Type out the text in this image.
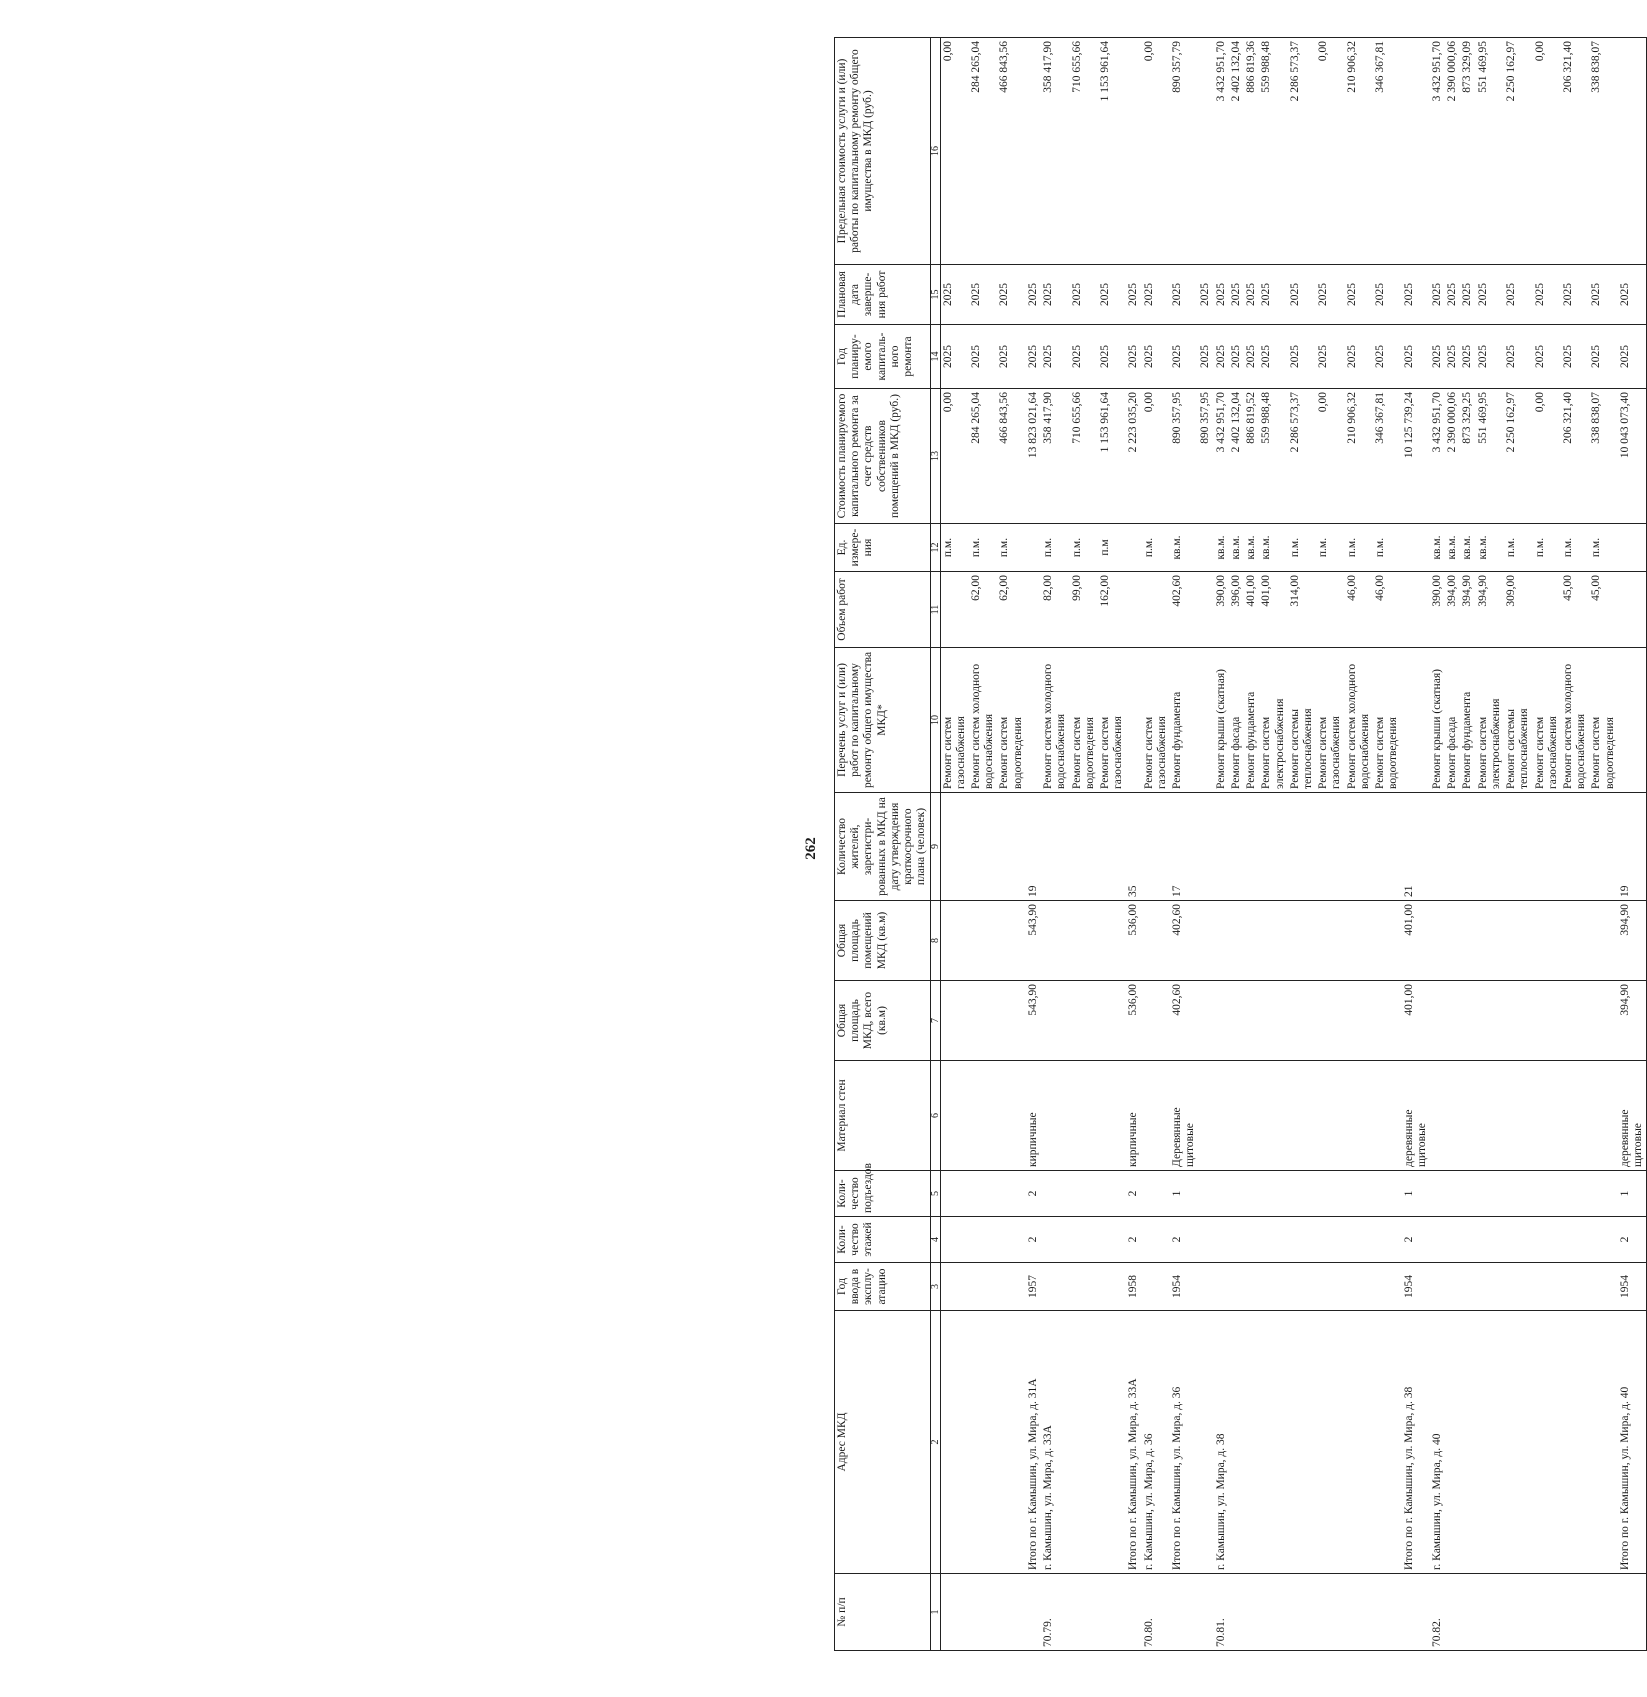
262
№ п/п	Адрес МКД	Год ввода в эксплу-атацию	Коли-чество этажей	Коли-чество подъездов	Материал стен	Общая площадь МКД, всего (кв.м)	Общая площадь помещений МКД (кв.м)	Количество жителей, зарегистри-рованных в МКД на дату утверждения краткосрочного плана (человек)	Перечень услуг и (или) работ по капитальному ремонту общего имущества МКД*	Объем работ	Ед. измере-ния	Стоимость планируемого капитального ремонта за счет средств собственников помещений в МКД (руб.)	Год планиру-емого капиталь-ного ремонта	Плановая дата заверше-ния работ	Предельная стоимость услуги и (или) работы по капитальному ремонту общего имущества в МКД (руб.)
1	2	3	4	5	6	7	8	9	10	11	12	13	14	15	16
									Ремонт систем газоснабжения		п.м.	0,00	2025	2025	0,00
									Ремонт систем холодного водоснабжения	62,00	п.м.	284 265,04	2025	2025	284 265,04
									Ремонт систем водоотведения	62,00	п.м.	466 843,56	2025	2025	466 843,56
	Итого по г. Камышин, ул. Мира, д. 31А	1957	2	2	кирпичные	543,90	543,90	19				13 823 021,64	2025	2025	
70.79.	г. Камышин, ул. Мира, д. 33А								Ремонт систем холодного водоснабжения	82,00	п.м.	358 417,90	2025	2025	358 417,90
									Ремонт систем водоотведения	99,00	п.м.	710 655,66	2025	2025	710 655,66
									Ремонт систем газоснабжения	162,00	п.м	1 153 961,64	2025	2025	1 153 961,64
	Итого по г. Камышин, ул. Мира, д. 33А	1958	2	2	кирпичные	536,00	536,00	35				2 223 035,20	2025	2025	
70.80.	г. Камышин, ул. Мира, д. 36								Ремонт систем газоснабжения		п.м.	0,00	2025	2025	0,00
	Итого по г. Камышин, ул. Мира, д. 36	1954	2	1	Деревянные щитовые	402,60	402,60	17	Ремонт фундамента	402,60	кв.м.	890 357,95	2025	2025	890 357,79
												890 357,95	2025	2025	
70.81.	г. Камышин, ул. Мира, д. 38								Ремонт крыши (скатная)	390,00	кв.м.	3 432 951,70	2025	2025	3 432 951,70
									Ремонт фасада	396,00	кв.м.	2 402 132,04	2025	2025	2 402 132,04
									Ремонт фундамента	401,00	кв.м.	886 819,52	2025	2025	886 819,36
									Ремонт систем электроснабжения	401,00	кв.м.	559 988,48	2025	2025	559 988,48
									Ремонт системы теплоснабжения	314,00	п.м.	2 286 573,37	2025	2025	2 286 573,37
									Ремонт систем газоснабжения		п.м.	0,00	2025	2025	0,00
									Ремонт систем холодного водоснабжения	46,00	п.м.	210 906,32	2025	2025	210 906,32
									Ремонт систем водоотведения	46,00	п.м.	346 367,81	2025	2025	346 367,81
	Итого по г. Камышин, ул. Мира, д. 38	1954	2	1	деревянные щитовые	401,00	401,00	21				10 125 739,24	2025	2025	
70.82.	г. Камышин, ул. Мира, д. 40								Ремонт крыши (скатная)	390,00	кв.м.	3 432 951,70	2025	2025	3 432 951,70
									Ремонт фасада	394,00	кв.м.	2 390 000,06	2025	2025	2 390 000,06
									Ремонт фундамента	394,90	кв.м.	873 329,25	2025	2025	873 329,09
									Ремонт систем электроснабжения	394,90	кв.м.	551 469,95	2025	2025	551 469,95
									Ремонт системы теплоснабжения	309,00	п.м.	2 250 162,97	2025	2025	2 250 162,97
									Ремонт систем газоснабжения		п.м.	0,00	2025	2025	0,00
									Ремонт систем холодного водоснабжения	45,00	п.м.	206 321,40	2025	2025	206 321,40
									Ремонт систем водоотведения	45,00	п.м.	338 838,07	2025	2025	338 838,07
	Итого по г. Камышин, ул. Мира, д. 40	1954	2	1	деревянные щитовые	394,90	394,90	19				10 043 073,40	2025	2025	
